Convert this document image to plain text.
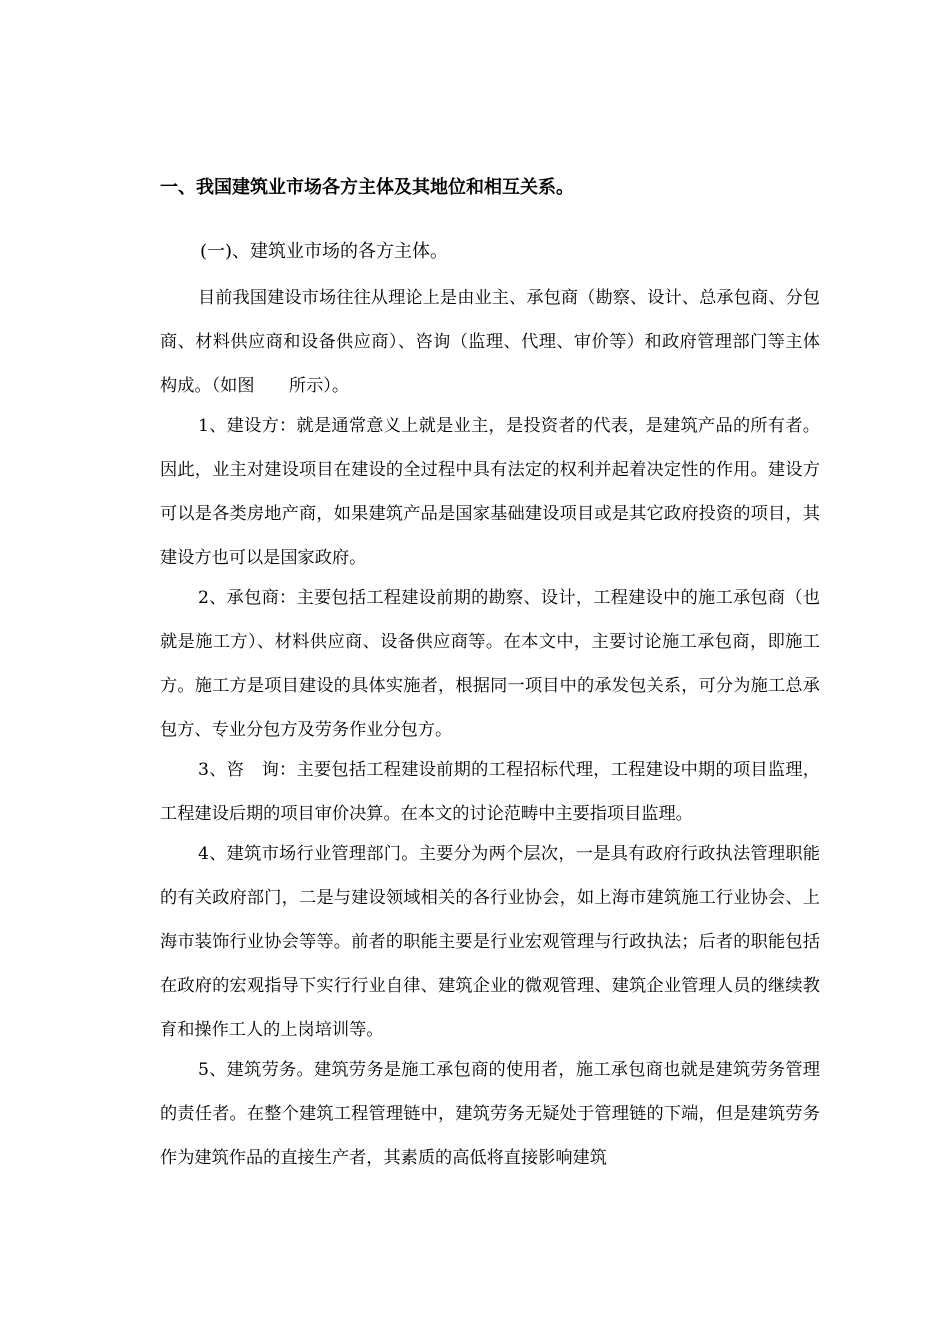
一、我国建筑业市场各方主体及其地位和相互关系。
(一)、建筑业市场的各方主体。

目前我国建设市场往往从理论上是由业主、承包商（勘察、设计、总承包商、分包商、材料供应商和设备供应商）、咨询（监理、代理、审价等）和政府管理部门等主体构成。（如图　　所示）。

1、建设方：就是通常意义上就是业主，是投资者的代表，是建筑产品的所有者。因此，业主对建设项目在建设的全过程中具有法定的权利并起着决定性的作用。建设方可以是各类房地产商，如果建筑产品是国家基础建设项目或是其它政府投资的项目，其建设方也可以是国家政府。

2、承包商：主要包括工程建设前期的勘察、设计，工程建设中的施工承包商（也就是施工方）、材料供应商、设备供应商等。在本文中，主要讨论施工承包商，即施工方。施工方是项目建设的具体实施者，根据同一项目中的承发包关系，可分为施工总承包方、专业分包方及劳务作业分包方。

3、咨　询：主要包括工程建设前期的工程招标代理，工程建设中期的项目监理，工程建设后期的项目审价决算。在本文的讨论范畴中主要指项目监理。

4、建筑市场行业管理部门。主要分为两个层次，一是具有政府行政执法管理职能的有关政府部门，二是与建设领域相关的各行业协会，如上海市建筑施工行业协会、上海市装饰行业协会等等。前者的职能主要是行业宏观管理与行政执法；后者的职能包括在政府的宏观指导下实行行业自律、建筑企业的微观管理、建筑企业管理人员的继续教育和操作工人的上岗培训等。

5、建筑劳务。建筑劳务是施工承包商的使用者，施工承包商也就是建筑劳务管理的责任者。在整个建筑工程管理链中，建筑劳务无疑处于管理链的下端，但是建筑劳务作为建筑作品的直接生产者，其素质的高低将直接影响建筑
